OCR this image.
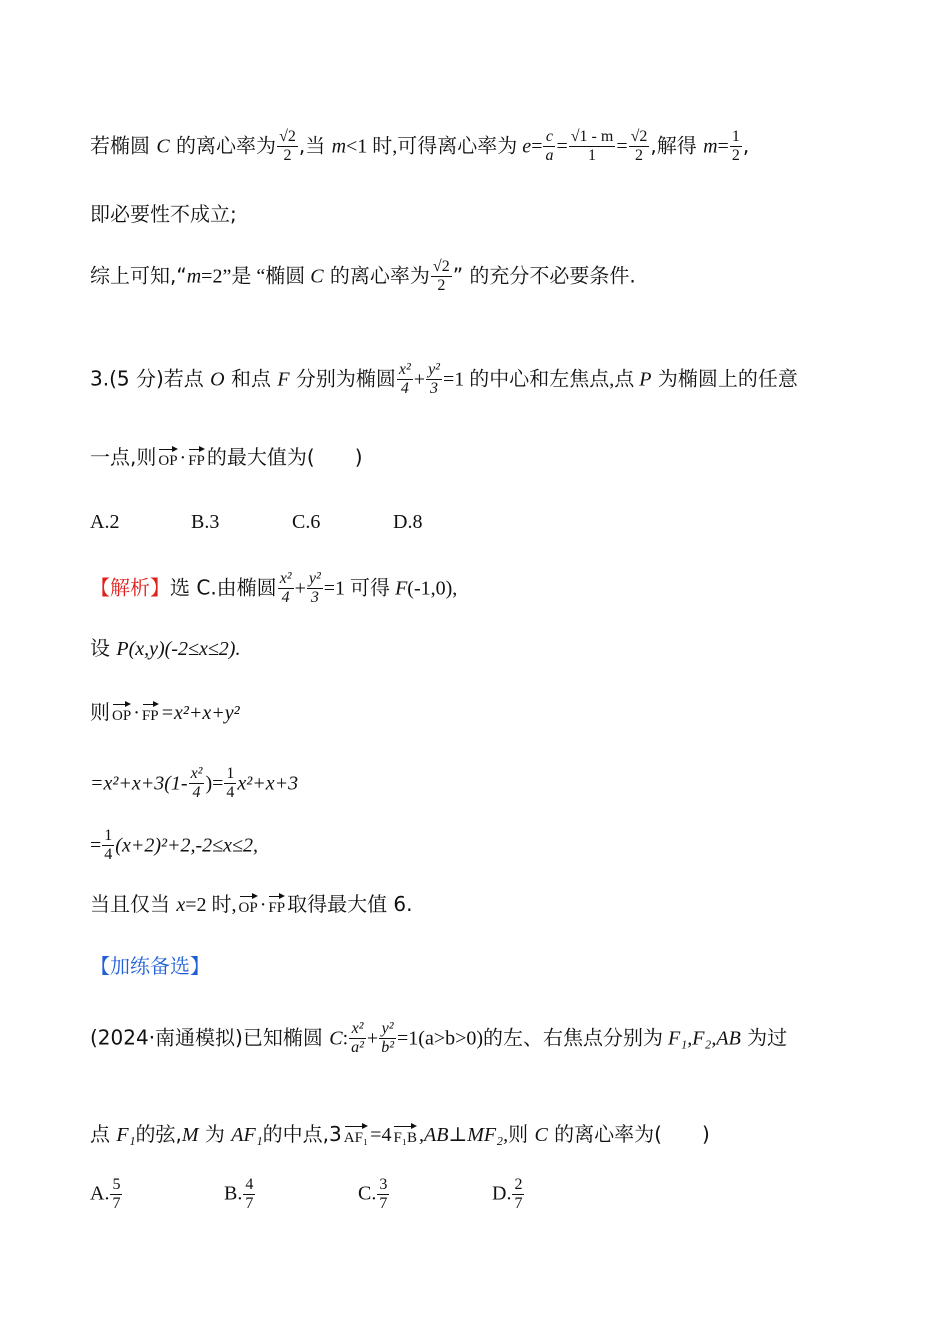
若椭圆 C 的离心率为 $\frac{√2}{2}$ ,当 m<1 时,可得离心率为 $e= \frac{c}{a} = \frac{√1 - m}{1} = \frac{√2}{2}$ ,解得 $m= \frac{1}{2}$ ,
即必要性不成立;
综上可知,“m=2”是 “椭圆 C 的离心率为 $\frac{√2}{2}$ ” 的充分不必要条件.
3.(5 分)若点 O 和点 F 分别为椭圆 $\frac{\text{x²}}{4} + \frac{\text{y²}}{3} =1$ 的中心和左焦点,点 P 为椭圆上的任意
一点,则 OP · FP 的最大值为(　　)
A.2	B.3	C.6	D.8
【解析】选 C.由椭圆 $\frac{\text{x²}}{4} + \frac{\text{y²}}{3} =1$ 可得 F(-1,0),
设 P(x,y)(-2≤x≤2).
则 OP · FP =x²+x+y²
$=x^2+x+3(1- \frac{\text{x²}}{4}$ )= $\frac{1}{4} x^2+x+3$
= $\frac{1}{4} (x+2)^2+2,-2\le x\le 2$,
当且仅当 x=2 时, OP · FP 取得最大值 6.
【加练备选】
(2024·南通模拟)已知椭圆 C: $\frac{\text{x²}}{\text{a²}} + \frac{\text{y²}}{\text{b²}} =1(a>b>0)$的左、右焦点分别为 F₁,F₂,AB 为过
点 F₁的弦,M 为 AF₁的中点,3 AF₁ =4 F₁B ,AB⊥MF₂,则 C 的离心率为(　　)
A. $\frac{5}{7}$	B. $\frac{4}{7}$	C. $\frac{3}{7}$	D. $\frac{2}{7}$
